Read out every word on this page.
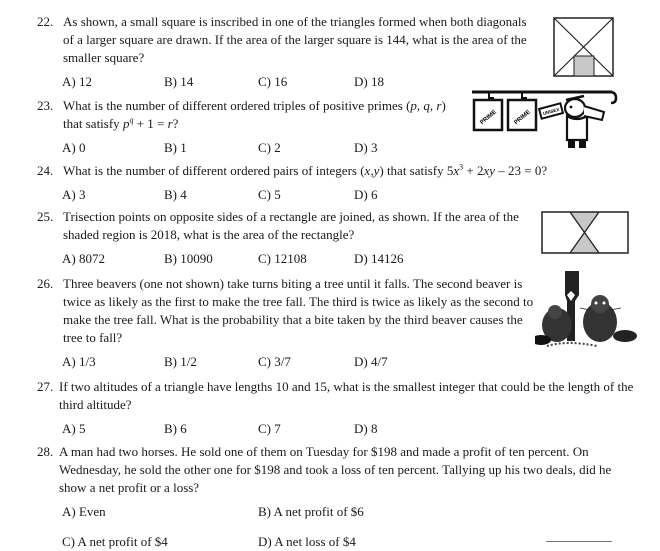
22. As shown, a small square is inscribed in one of the triangles formed when both diagonals of a larger square are drawn. If the area of the larger square is 144, what is the area of the smaller square?
A) 12	B) 14	C) 16	D) 18
23. What is the number of different ordered triples of positive primes (p, q, r) that satisfy $p^q + 1 = r$?
A) 0	B) 1	C) 2	D) 3
PRIME	PRIME UNISEX
24. What is the number of different ordered pairs of integers (x,y) that satisfy $5x^3 + 2xy - 23 = 0$?
A) 3	B) 4	C) 5	D) 6
25. Trisection points on opposite sides of a rectangle are joined, as shown. If the area of the shaded region is 2018, what is the area of the rectangle?
A) 8072	B) 10090	C) 12108	D) 14126
26. Three beavers (one not shown) take turns biting a tree until it falls. The second beaver is twice as likely as the first to make the tree fall. The third is twice as likely as the second to make the tree fall. What is the probability that a bite taken by the third beaver causes the tree to fall?
A) 1/3	B) 1/2	C) 3/7	D) 4/7
27. If two altitudes of a triangle have lengths 10 and 15, what is the smallest integer that could be the length of the third altitude?
A) 5	B) 6	C) 7	D) 8
28. A man had two horses. He sold one of them on Tuesday for $198 and made a profit of ten percent. On Wednesday, he sold the other one for $198 and took a loss of ten percent. Tallying up his two deals, did he show a net profit or a loss?
A) Even	B) A net profit of $6
C) A net profit of $4	D) A net loss of $4
